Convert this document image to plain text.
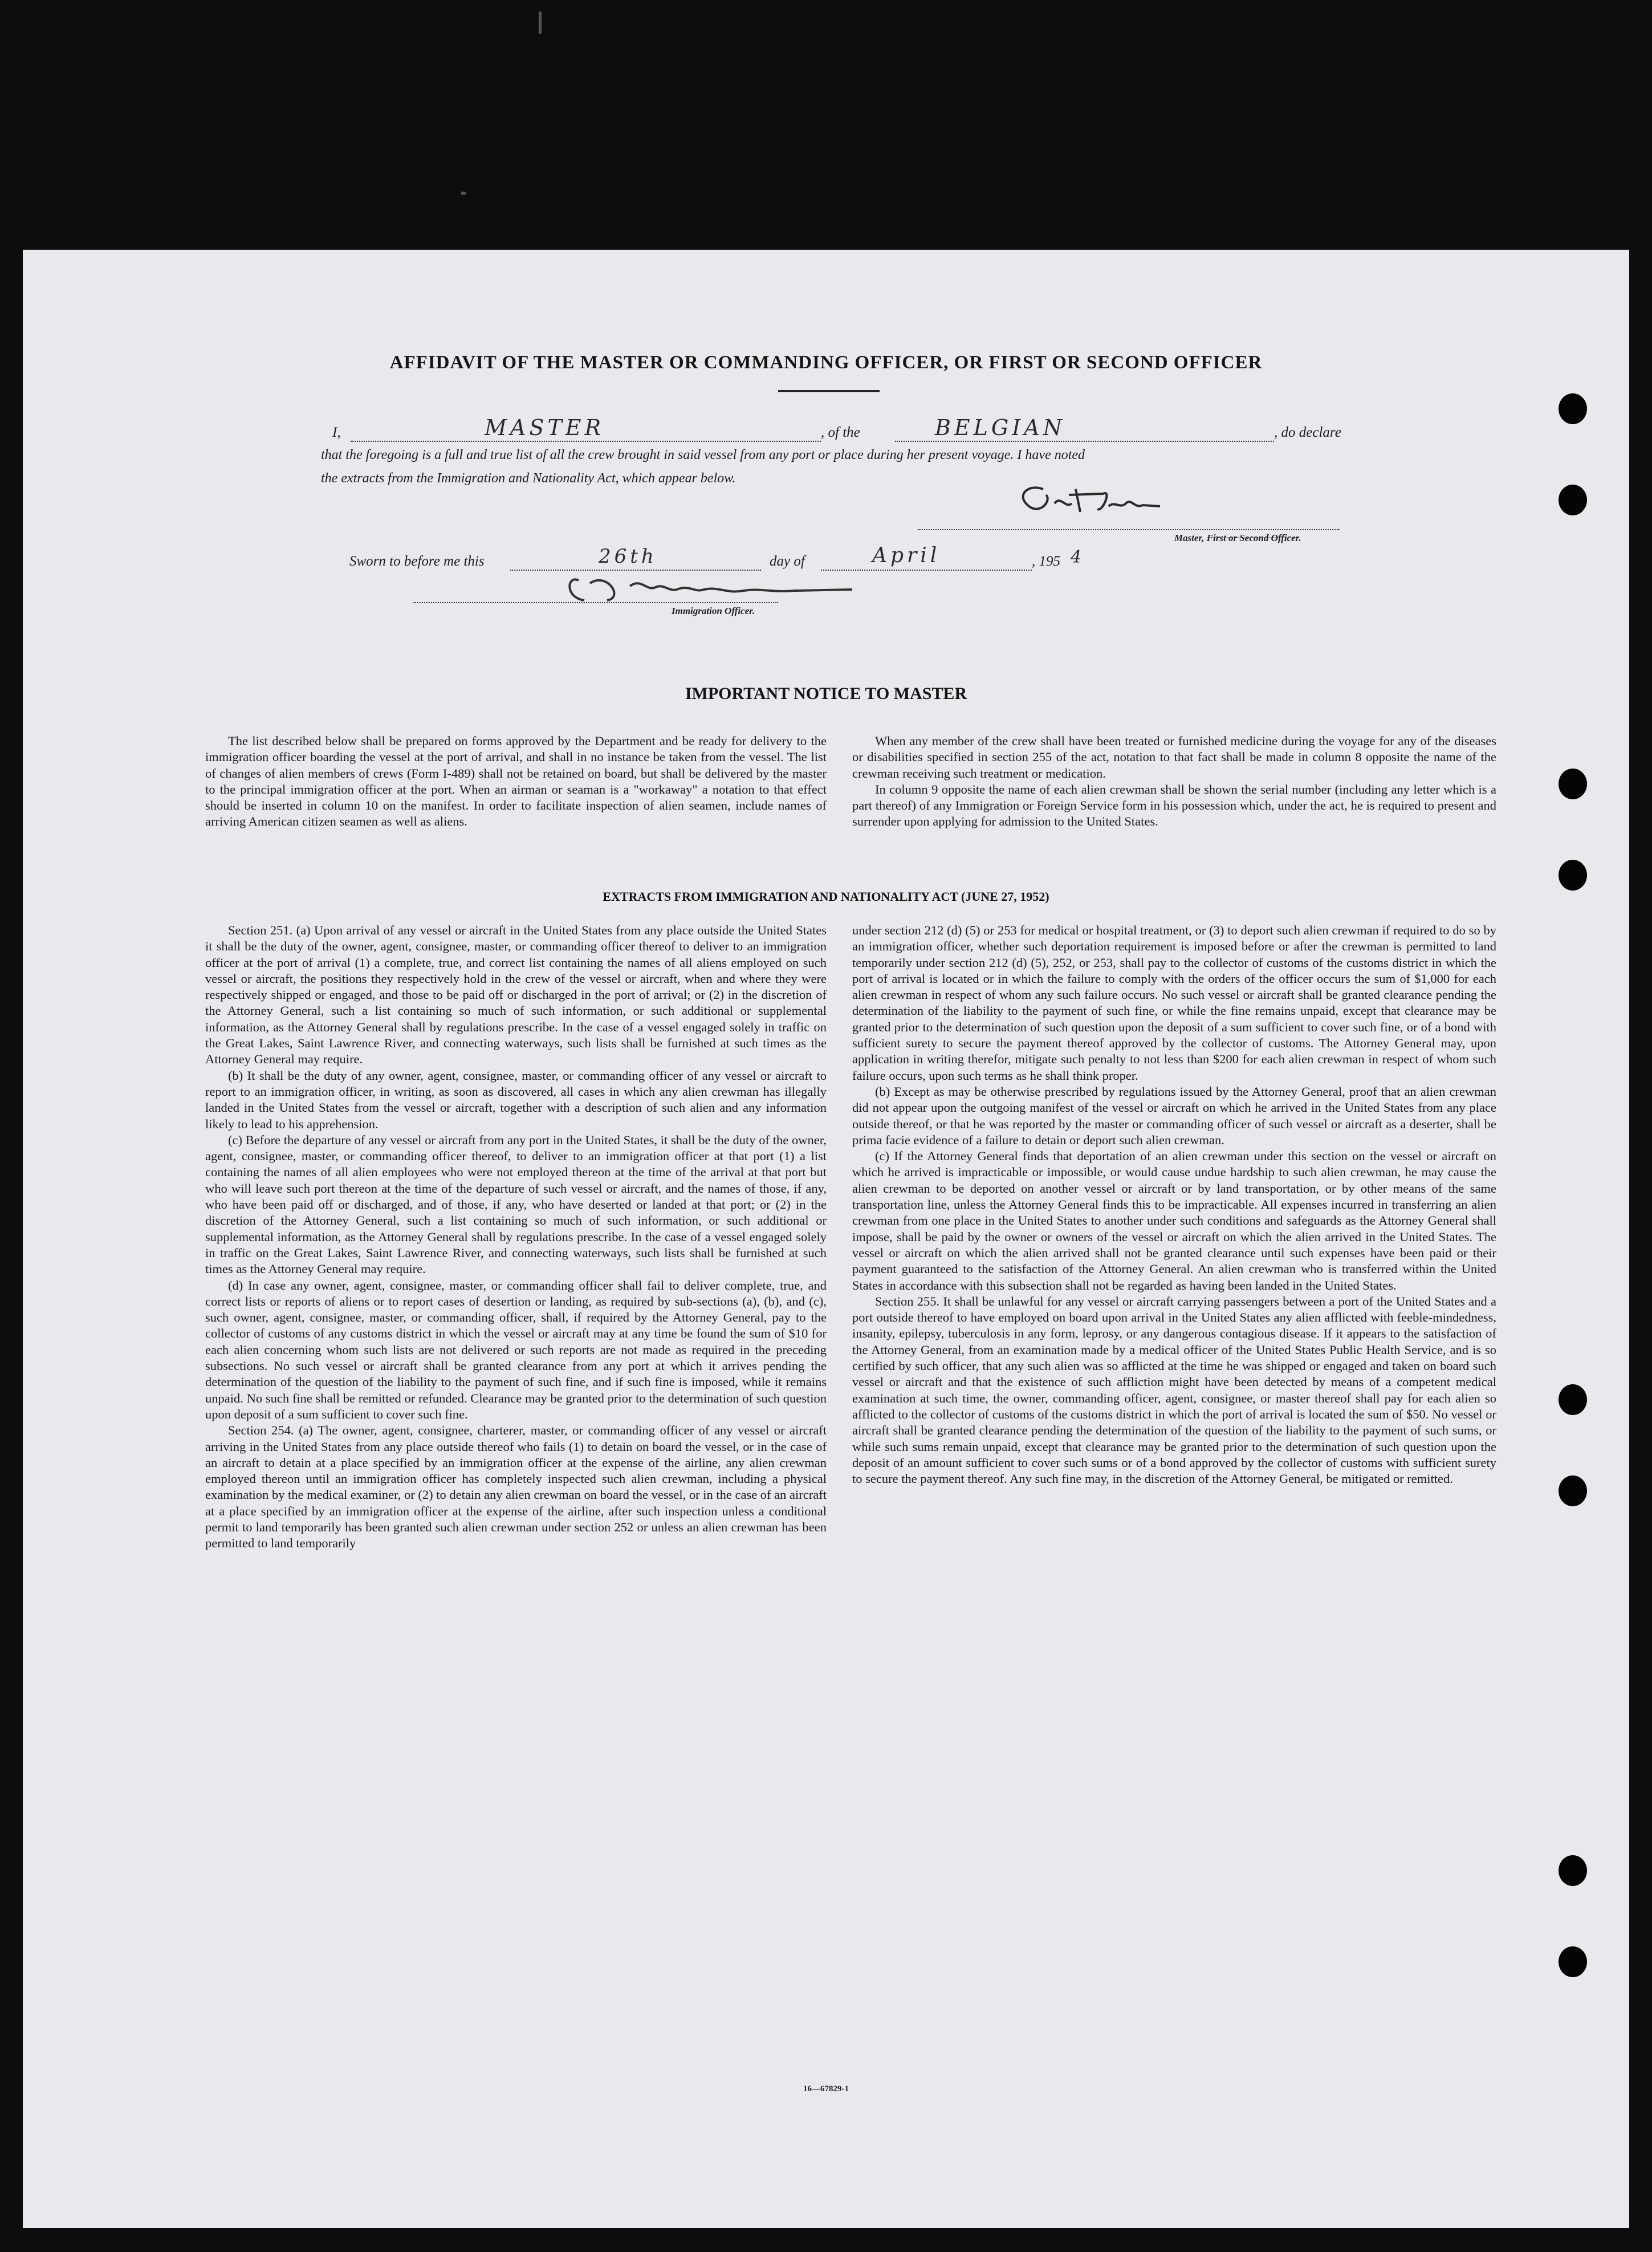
AFFIDAVIT OF THE MASTER OR COMMANDING OFFICER, OR FIRST OR SECOND OFFICER
I,	MASTER	, of the	BELGIAN	, do declare
that the foregoing is a full and true list of all the crew brought in said vessel from any port or place during her present voyage. I have noted
the extracts from the Immigration and Nationality Act, which appear below.
Master, First or Second Officer.
Sworn to before me this	26th	day of	April	, 195 4
Immigration Officer.
IMPORTANT NOTICE TO MASTER

The list described below shall be prepared on forms approved by the Department and be ready for delivery to the immigration officer boarding the vessel at the port of arrival, and shall in no instance be taken from the vessel. The list of changes of alien members of crews (Form I-489) shall not be retained on board, but shall be delivered by the master to the principal immigration officer at the port. When an airman or seaman is a "workaway" a notation to that effect should be inserted in column 10 on the manifest. In order to facilitate inspection of alien seamen, include names of arriving American citizen seamen as well as aliens.

When any member of the crew shall have been treated or furnished medicine during the voyage for any of the diseases or disabilities specified in section 255 of the act, notation to that fact shall be made in column 8 opposite the name of the crewman receiving such treatment or medication.

In column 9 opposite the name of each alien crewman shall be shown the serial number (including any letter which is a part thereof) of any Immigration or Foreign Service form in his possession which, under the act, he is required to present and surrender upon applying for admission to the United States.

EXTRACTS FROM IMMIGRATION AND NATIONALITY ACT (JUNE 27, 1952)

Section 251. (a) Upon arrival of any vessel or aircraft in the United States from any place outside the United States it shall be the duty of the owner, agent, consignee, master, or commanding officer thereof to deliver to an immigration officer at the port of arrival (1) a complete, true, and correct list containing the names of all aliens employed on such vessel or aircraft, the positions they respectively hold in the crew of the vessel or aircraft, when and where they were respectively shipped or engaged, and those to be paid off or discharged in the port of arrival; or (2) in the discretion of the Attorney General, such a list containing so much of such information, or such additional or supplemental information, as the Attorney General shall by regulations prescribe. In the case of a vessel engaged solely in traffic on the Great Lakes, Saint Lawrence River, and connecting waterways, such lists shall be furnished at such times as the Attorney General may require.

(b) It shall be the duty of any owner, agent, consignee, master, or commanding officer of any vessel or aircraft to report to an immigration officer, in writing, as soon as discovered, all cases in which any alien crewman has illegally landed in the United States from the vessel or aircraft, together with a description of such alien and any information likely to lead to his apprehension.

(c) Before the departure of any vessel or aircraft from any port in the United States, it shall be the duty of the owner, agent, consignee, master, or commanding officer thereof, to deliver to an immigration officer at that port (1) a list containing the names of all alien employees who were not employed thereon at the time of the arrival at that port but who will leave such port thereon at the time of the departure of such vessel or aircraft, and the names of those, if any, who have been paid off or discharged, and of those, if any, who have deserted or landed at that port; or (2) in the discretion of the Attorney General, such a list containing so much of such information, or such additional or supplemental information, as the Attorney General shall by regulations prescribe. In the case of a vessel engaged solely in traffic on the Great Lakes, Saint Lawrence River, and connecting waterways, such lists shall be furnished at such times as the Attorney General may require.

(d) In case any owner, agent, consignee, master, or commanding officer shall fail to deliver complete, true, and correct lists or reports of aliens or to report cases of desertion or landing, as required by sub-sections (a), (b), and (c), such owner, agent, consignee, master, or commanding officer, shall, if required by the Attorney General, pay to the collector of customs of any customs district in which the vessel or aircraft may at any time be found the sum of $10 for each alien concerning whom such lists are not delivered or such reports are not made as required in the preceding subsections. No such vessel or aircraft shall be granted clearance from any port at which it arrives pending the determination of the question of the liability to the payment of such fine, and if such fine is imposed, while it remains unpaid. No such fine shall be remitted or refunded. Clearance may be granted prior to the determination of such question upon deposit of a sum sufficient to cover such fine.

Section 254. (a) The owner, agent, consignee, charterer, master, or commanding officer of any vessel or aircraft arriving in the United States from any place outside thereof who fails (1) to detain on board the vessel, or in the case of an aircraft to detain at a place specified by an immigration officer at the expense of the airline, any alien crewman employed thereon until an immigration officer has completely inspected such alien crewman, including a physical examination by the medical examiner, or (2) to detain any alien crewman on board the vessel, or in the case of an aircraft at a place specified by an immigration officer at the expense of the airline, after such inspection unless a conditional permit to land temporarily has been granted such alien crewman under section 252 or unless an alien crewman has been permitted to land temporarily

under section 212 (d) (5) or 253 for medical or hospital treatment, or (3) to deport such alien crewman if required to do so by an immigration officer, whether such deportation requirement is imposed before or after the crewman is permitted to land temporarily under section 212 (d) (5), 252, or 253, shall pay to the collector of customs of the customs district in which the port of arrival is located or in which the failure to comply with the orders of the officer occurs the sum of $1,000 for each alien crewman in respect of whom any such failure occurs. No such vessel or aircraft shall be granted clearance pending the determination of the liability to the payment of such fine, or while the fine remains unpaid, except that clearance may be granted prior to the determination of such question upon the deposit of a sum sufficient to cover such fine, or of a bond with sufficient surety to secure the payment thereof approved by the collector of customs. The Attorney General may, upon application in writing therefor, mitigate such penalty to not less than $200 for each alien crewman in respect of whom such failure occurs, upon such terms as he shall think proper.

(b) Except as may be otherwise prescribed by regulations issued by the Attorney General, proof that an alien crewman did not appear upon the outgoing manifest of the vessel or aircraft on which he arrived in the United States from any place outside thereof, or that he was reported by the master or commanding officer of such vessel or aircraft as a deserter, shall be prima facie evidence of a failure to detain or deport such alien crewman.

(c) If the Attorney General finds that deportation of an alien crewman under this section on the vessel or aircraft on which he arrived is impracticable or impossible, or would cause undue hardship to such alien crewman, he may cause the alien crewman to be deported on another vessel or aircraft or by land transportation, or by other means of the same transportation line, unless the Attorney General finds this to be impracticable. All expenses incurred in transferring an alien crewman from one place in the United States to another under such conditions and safeguards as the Attorney General shall impose, shall be paid by the owner or owners of the vessel or aircraft on which the alien arrived in the United States. The vessel or aircraft on which the alien arrived shall not be granted clearance until such expenses have been paid or their payment guaranteed to the satisfaction of the Attorney General. An alien crewman who is transferred within the United States in accordance with this subsection shall not be regarded as having been landed in the United States.

Section 255. It shall be unlawful for any vessel or aircraft carrying passengers between a port of the United States and a port outside thereof to have employed on board upon arrival in the United States any alien afflicted with feeble-mindedness, insanity, epilepsy, tuberculosis in any form, leprosy, or any dangerous contagious disease. If it appears to the satisfaction of the Attorney General, from an examination made by a medical officer of the United States Public Health Service, and is so certified by such officer, that any such alien was so afflicted at the time he was shipped or engaged and taken on board such vessel or aircraft and that the existence of such affliction might have been detected by means of a competent medical examination at such time, the owner, commanding officer, agent, consignee, or master thereof shall pay for each alien so afflicted to the collector of customs of the customs district in which the port of arrival is located the sum of $50. No vessel or aircraft shall be granted clearance pending the determination of the question of the liability to the payment of such sums, or while such sums remain unpaid, except that clearance may be granted prior to the determination of such question upon the deposit of an amount sufficient to cover such sums or of a bond approved by the collector of customs with sufficient surety to secure the payment thereof. Any such fine may, in the discretion of the Attorney General, be mitigated or remitted.

16—67829-1
